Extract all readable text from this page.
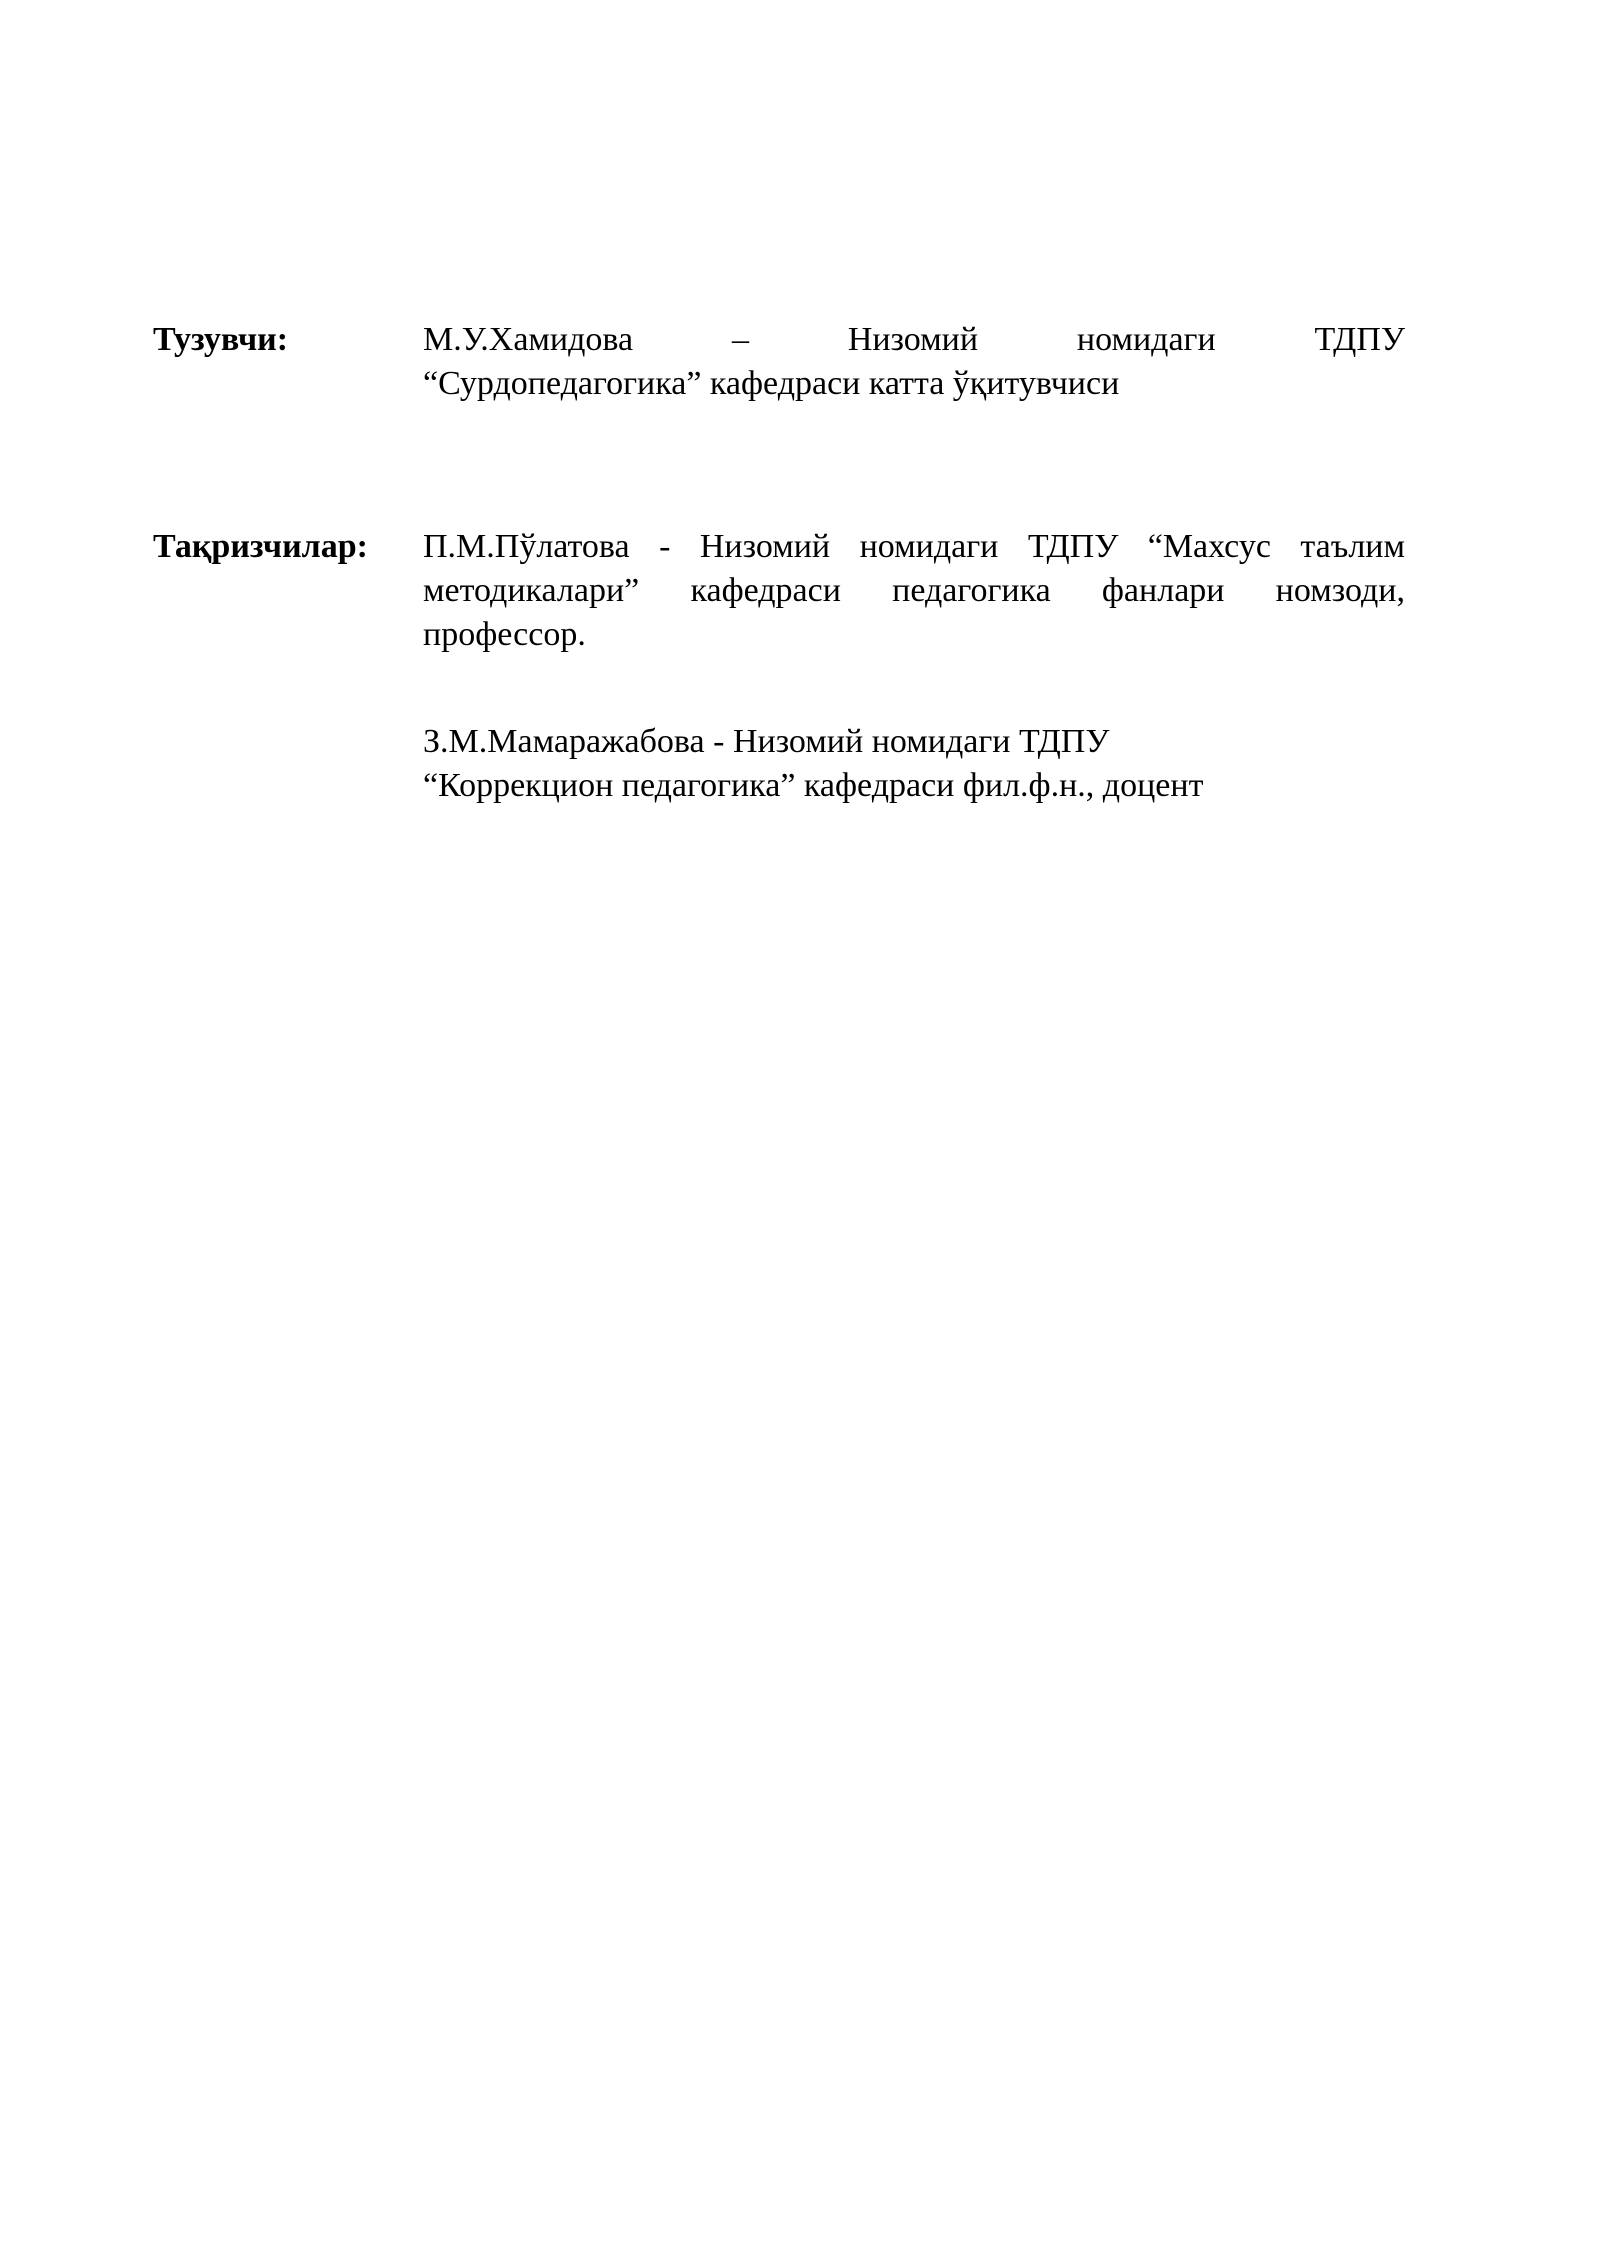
Тузувчи:	М.У.Хамидова – Низомий номидаги ТДПУ
“Сурдопедагогика” кафедраси катта ўқитувчиси
Тақризчилар: П.М.Пўлатова - Низомий номидаги ТДПУ “Махсус таълим методикалари” кафедраси педагогика фанлари номзоди, профессор.
З.М.Мамаражабова - Низомий номидаги ТДПУ
“Коррекцион педагогика” кафедраси фил.ф.н., доцент
